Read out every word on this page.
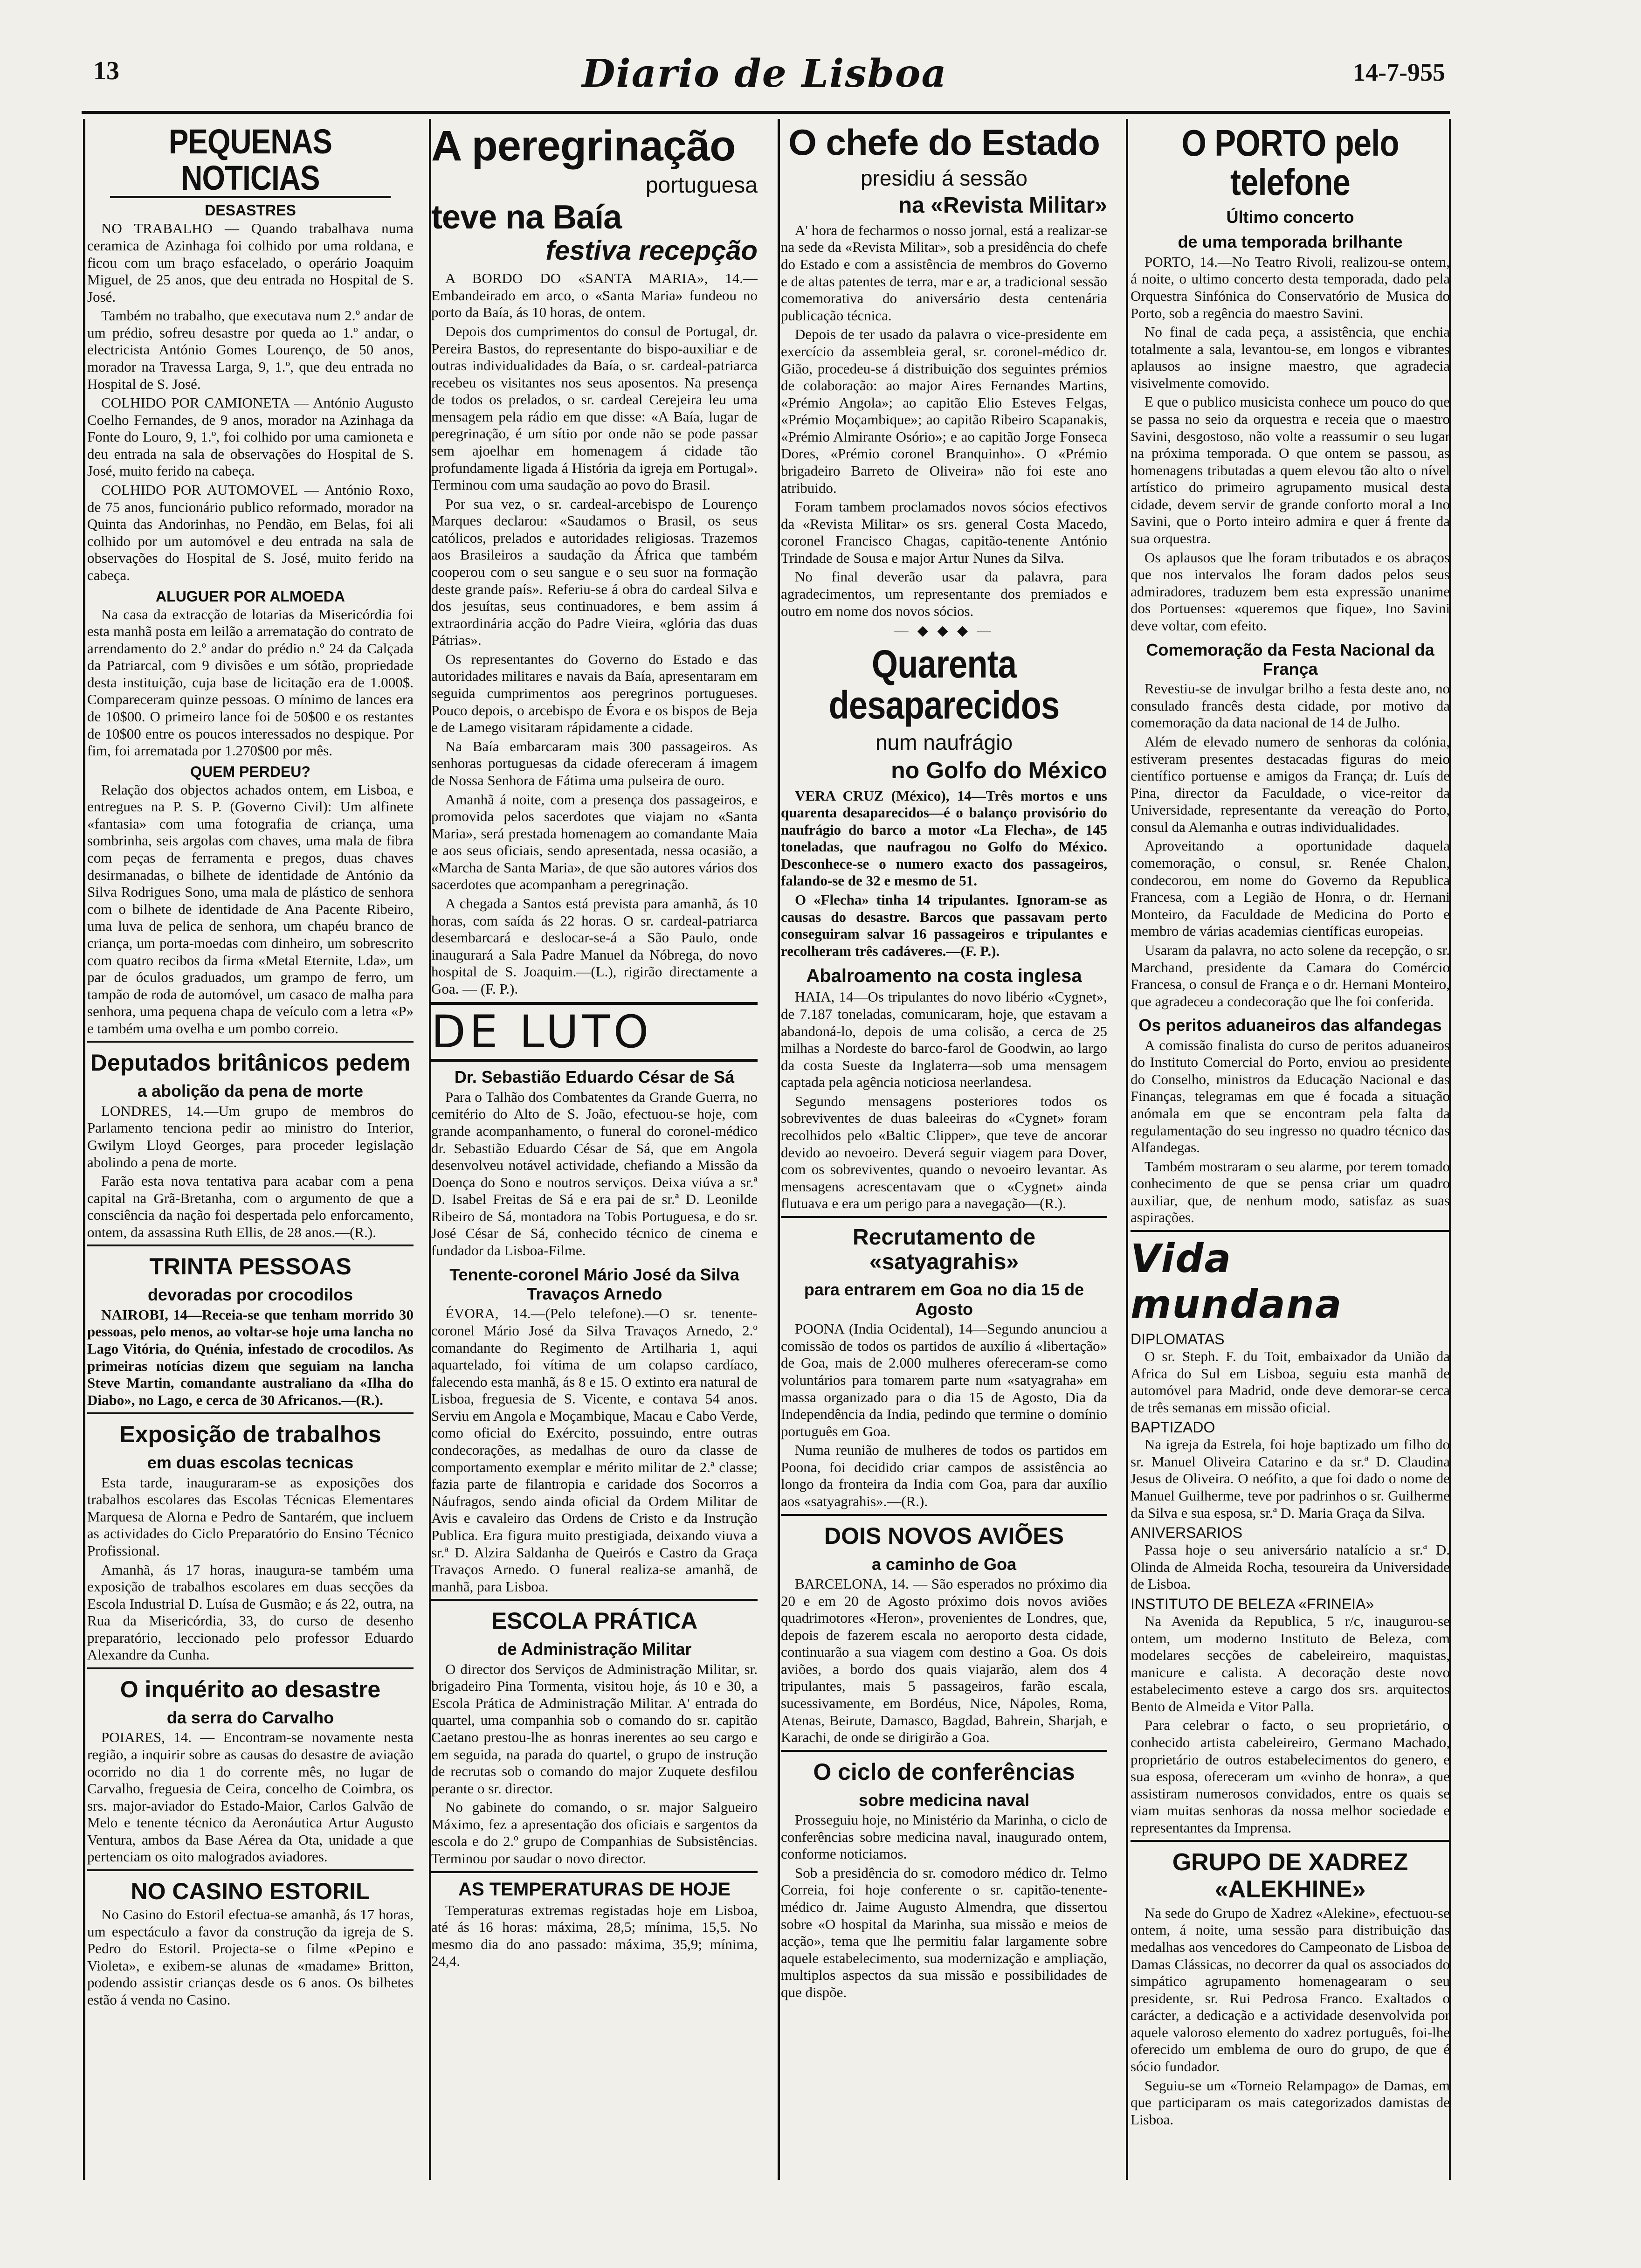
13	Diario de Lisboa	14-7-955
PEQUENAS NOTICIAS
DESASTRES

NO TRABALHO — Quando trabalhava numa ceramica de Azinhaga foi colhido por uma roldana, e ficou com um braço esfacelado, o operário Joaquim Miguel, de 25 anos, que deu entrada no Hospital de S. José.

Também no trabalho, que executava num 2.º andar de um prédio, sofreu desastre por queda ao 1.º andar, o electricista António Gomes Lourenço, de 50 anos, morador na Travessa Larga, 9, 1.º, que deu entrada no Hospital de S. José.

COLHIDO POR CAMIONETA — António Augusto Coelho Fernandes, de 9 anos, morador na Azinhaga da Fonte do Louro, 9, 1.º, foi colhido por uma camioneta e deu entrada na sala de observações do Hospital de S. José, muito ferido na cabeça.

COLHIDO POR AUTOMOVEL — António Roxo, de 75 anos, funcionário publico reformado, morador na Quinta das Andorinhas, no Pendão, em Belas, foi ali colhido por um automóvel e deu entrada na sala de observações do Hospital de S. José, muito ferido na cabeça.

ALUGUER POR ALMOEDA

Na casa da extracção de lotarias da Misericórdia foi esta manhã posta em leilão a arrematação do contrato de arrendamento do 2.º andar do prédio n.º 24 da Calçada da Patriarcal, com 9 divisões e um sótão, propriedade desta instituição, cuja base de licitação era de 1.000$. Compareceram quinze pessoas. O mínimo de lances era de 10$00. O primeiro lance foi de 50$00 e os restantes de 10$00 entre os poucos interessados no despique. Por fim, foi arrematada por 1.270$00 por mês.

QUEM PERDEU?

Relação dos objectos achados ontem, em Lisboa, e entregues na P. S. P. (Governo Civil): Um alfinete «fantasia» com uma fotografia de criança, uma sombrinha, seis argolas com chaves, uma mala de fibra com peças de ferramenta e pregos, duas chaves desirmanadas, o bilhete de identidade de António da Silva Rodrigues Sono, uma mala de plástico de senhora com o bilhete de identidade de Ana Pacente Ribeiro, uma luva de pelica de senhora, um chapéu branco de criança, um porta-moedas com dinheiro, um sobrescrito com quatro recibos da firma «Metal Eternite, Lda», um par de óculos graduados, um grampo de ferro, um tampão de roda de automóvel, um casaco de malha para senhora, uma pequena chapa de veículo com a letra «P» e também uma ovelha e um pombo correio.

Deputados britânicos pedem
a abolição da pena de morte

LONDRES, 14.—Um grupo de membros do Parlamento tenciona pedir ao ministro do Interior, Gwilym Lloyd Georges, para proceder legislação abolindo a pena de morte.

Farão esta nova tentativa para acabar com a pena capital na Grã-Bretanha, com o argumento de que a consciência da nação foi despertada pelo enforcamento, ontem, da assassina Ruth Ellis, de 28 anos.—(R.).

TRINTA PESSOAS
devoradas por crocodilos

NAIROBI, 14—Receia-se que tenham morrido 30 pessoas, pelo menos, ao voltar-se hoje uma lancha no Lago Vitória, do Quénia, infestado de crocodilos. As primeiras notícias dizem que seguiam na lancha Steve Martin, comandante australiano da «Ilha do Diabo», no Lago, e cerca de 30 Africanos.—(R.).

Exposição de trabalhos
em duas escolas tecnicas

Esta tarde, inauguraram-se as exposições dos trabalhos escolares das Escolas Técnicas Elementares Marquesa de Alorna e Pedro de Santarém, que incluem as actividades do Ciclo Preparatório do Ensino Técnico Profissional.

Amanhã, ás 17 horas, inaugura-se também uma exposição de trabalhos escolares em duas secções da Escola Industrial D. Luísa de Gusmão; e ás 22, outra, na Rua da Misericórdia, 33, do curso de desenho preparatório, leccionado pelo professor Eduardo Alexandre da Cunha.

O inquérito ao desastre
da serra do Carvalho

POIARES, 14. — Encontram-se novamente nesta região, a inquirir sobre as causas do desastre de aviação ocorrido no dia 1 do corrente mês, no lugar de Carvalho, freguesia de Ceira, concelho de Coimbra, os srs. major-aviador do Estado-Maior, Carlos Galvão de Melo e tenente técnico da Aeronáutica Artur Augusto Ventura, ambos da Base Aérea da Ota, unidade a que pertenciam os oito malogrados aviadores.

NO CASINO ESTORIL

No Casino do Estoril efectua-se amanhã, ás 17 horas, um espectáculo a favor da construção da igreja de S. Pedro do Estoril. Projecta-se o filme «Pepino e Violeta», e exibem-se alunas de «madame» Britton, podendo assistir crianças desde os 6 anos. Os bilhetes estão á venda no Casino.

A peregrinação
portuguesa
teve na Baía
festiva recepção

A BORDO DO «SANTA MARIA», 14.—Embandeirado em arco, o «Santa Maria» fundeou no porto da Baía, ás 10 horas, de ontem.

Depois dos cumprimentos do consul de Portugal, dr. Pereira Bastos, do representante do bispo-auxiliar e de outras individualidades da Baía, o sr. cardeal-patriarca recebeu os visitantes nos seus aposentos. Na presença de todos os prelados, o sr. cardeal Cerejeira leu uma mensagem pela rádio em que disse: «A Baía, lugar de peregrinação, é um sítio por onde não se pode passar sem ajoelhar em homenagem á cidade tão profundamente ligada á História da igreja em Portugal». Terminou com uma saudação ao povo do Brasil.

Por sua vez, o sr. cardeal-arcebispo de Lourenço Marques declarou: «Saudamos o Brasil, os seus católicos, prelados e autoridades religiosas. Trazemos aos Brasileiros a saudação da África que também cooperou com o seu sangue e o seu suor na formação deste grande país». Referiu-se á obra do cardeal Silva e dos jesuítas, seus continuadores, e bem assim á extraordinária acção do Padre Vieira, «glória das duas Pátrias».

Os representantes do Governo do Estado e das autoridades militares e navais da Baía, apresentaram em seguida cumprimentos aos peregrinos portugueses. Pouco depois, o arcebispo de Évora e os bispos de Beja e de Lamego visitaram rápidamente a cidade.

Na Baía embarcaram mais 300 passageiros. As senhoras portuguesas da cidade ofereceram á imagem de Nossa Senhora de Fátima uma pulseira de ouro.

Amanhã á noite, com a presença dos passageiros, e promovida pelos sacerdotes que viajam no «Santa Maria», será prestada homenagem ao comandante Maia e aos seus oficiais, sendo apresentada, nessa ocasião, a «Marcha de Santa Maria», de que são autores vários dos sacerdotes que acompanham a peregrinação.

A chegada a Santos está prevista para amanhã, ás 10 horas, com saída ás 22 horas. O sr. cardeal-patriarca desembarcará e deslocar-se-á a São Paulo, onde inaugurará a Sala Padre Manuel da Nóbrega, do novo hospital de S. Joaquim.—(L.), rigirão directamente a Goa. — (F. P.).

DE LUTO
Dr. Sebastião Eduardo César de Sá

Para o Talhão dos Combatentes da Grande Guerra, no cemitério do Alto de S. João, efectuou-se hoje, com grande acompanhamento, o funeral do coronel-médico dr. Sebastião Eduardo César de Sá, que em Angola desenvolveu notável actividade, chefiando a Missão da Doença do Sono e noutros serviços. Deixa viúva a sr.ª D. Isabel Freitas de Sá e era pai de sr.ª D. Leonilde Ribeiro de Sá, montadora na Tobis Portuguesa, e do sr. José César de Sá, conhecido técnico de cinema e fundador da Lisboa-Filme.

Tenente-coronel Mário José da Silva Travaços Arnedo

ÉVORA, 14.—(Pelo telefone).—O sr. tenente-coronel Mário José da Silva Travaços Arnedo, 2.º comandante do Regimento de Artilharia 1, aqui aquartelado, foi vítima de um colapso cardíaco, falecendo esta manhã, ás 8 e 15. O extinto era natural de Lisboa, freguesia de S. Vicente, e contava 54 anos. Serviu em Angola e Moçambique, Macau e Cabo Verde, como oficial do Exército, possuindo, entre outras condecorações, as medalhas de ouro da classe de comportamento exemplar e mérito militar de 2.ª classe; fazia parte de filantropia e caridade dos Socorros a Náufragos, sendo ainda oficial da Ordem Militar de Avis e cavaleiro das Ordens de Cristo e da Instrução Publica. Era figura muito prestigiada, deixando viuva a sr.ª D. Alzira Saldanha de Queirós e Castro da Graça Travaços Arnedo. O funeral realiza-se amanhã, de manhã, para Lisboa.

ESCOLA PRÁTICA
de Administração Militar

O director dos Serviços de Administração Militar, sr. brigadeiro Pina Tormenta, visitou hoje, ás 10 e 30, a Escola Prática de Administração Militar. A' entrada do quartel, uma companhia sob o comando do sr. capitão Caetano prestou-lhe as honras inerentes ao seu cargo e em seguida, na parada do quartel, o grupo de instrução de recrutas sob o comando do major Zuquete desfilou perante o sr. director.

No gabinete do comando, o sr. major Salgueiro Máximo, fez a apresentação dos oficiais e sargentos da escola e do 2.º grupo de Companhias de Subsistências. Terminou por saudar o novo director.

AS TEMPERATURAS DE HOJE

Temperaturas extremas registadas hoje em Lisboa, até ás 16 horas: máxima, 28,5; mínima, 15,5. No mesmo dia do ano passado: máxima, 35,9; mínima, 24,4.

O chefe do Estado
presidiu á sessão
na «Revista Militar»

A' hora de fecharmos o nosso jornal, está a realizar-se na sede da «Revista Militar», sob a presidência do chefe do Estado e com a assistência de membros do Governo e de altas patentes de terra, mar e ar, a tradicional sessão comemorativa do aniversário desta centenária publicação técnica.

Depois de ter usado da palavra o vice-presidente em exercício da assembleia geral, sr. coronel-médico dr. Gião, procedeu-se á distribuição dos seguintes prémios de colaboração: ao major Aires Fernandes Martins, «Prémio Angola»; ao capitão Elio Esteves Felgas, «Prémio Moçambique»; ao capitão Ribeiro Scapanakis, «Prémio Almirante Osório»; e ao capitão Jorge Fonseca Dores, «Prémio coronel Branquinho». O «Prémio brigadeiro Barreto de Oliveira» não foi este ano atribuido.

Foram tambem proclamados novos sócios efectivos da «Revista Militar» os srs. general Costa Macedo, coronel Francisco Chagas, capitão-tenente António Trindade de Sousa e major Artur Nunes da Silva.

No final deverão usar da palavra, para agradecimentos, um representante dos premiados e outro em nome dos novos sócios.

— ◆ ◆ ◆ —
Quarenta desaparecidos
num naufrágio
no Golfo do México

VERA CRUZ (México), 14—Três mortos e uns quarenta desaparecidos—é o balanço provisório do naufrágio do barco a motor «La Flecha», de 145 toneladas, que naufragou no Golfo do México. Desconhece-se o numero exacto dos passageiros, falando-se de 32 e mesmo de 51.

O «Flecha» tinha 14 tripulantes. Ignoram-se as causas do desastre. Barcos que passavam perto conseguiram salvar 16 passageiros e tripulantes e recolheram três cadáveres.—(F. P.).

Abalroamento na costa inglesa

HAIA, 14—Os tripulantes do novo libério «Cygnet», de 7.187 toneladas, comunicaram, hoje, que estavam a abandoná-lo, depois de uma colisão, a cerca de 25 milhas a Nordeste do barco-farol de Goodwin, ao largo da costa Sueste da Inglaterra—sob uma mensagem captada pela agência noticiosa neerlandesa.

Segundo mensagens posteriores todos os sobreviventes de duas baleeiras do «Cygnet» foram recolhidos pelo «Baltic Clipper», que teve de ancorar devido ao nevoeiro. Deverá seguir viagem para Dover, com os sobreviventes, quando o nevoeiro levantar. As mensagens acrescentavam que o «Cygnet» ainda flutuava e era um perigo para a navegação—(R.).

Recrutamento de «satyagrahis»
para entrarem em Goa no dia 15 de Agosto

POONA (India Ocidental), 14—Segundo anunciou a comissão de todos os partidos de auxílio á «libertação» de Goa, mais de 2.000 mulheres ofereceram-se como voluntários para tomarem parte num «satyagraha» em massa organizado para o dia 15 de Agosto, Dia da Independência da India, pedindo que termine o domínio português em Goa.

Numa reunião de mulheres de todos os partidos em Poona, foi decidido criar campos de assistência ao longo da fronteira da India com Goa, para dar auxílio aos «satyagrahis».—(R.).

DOIS NOVOS AVIÕES
a caminho de Goa

BARCELONA, 14. — São esperados no próximo dia 20 e em 20 de Agosto próximo dois novos aviões quadrimotores «Heron», provenientes de Londres, que, depois de fazerem escala no aeroporto desta cidade, continuarão a sua viagem com destino a Goa. Os dois aviões, a bordo dos quais viajarão, alem dos 4 tripulantes, mais 5 passageiros, farão escala, sucessivamente, em Bordéus, Nice, Nápoles, Roma, Atenas, Beirute, Damasco, Bagdad, Bahrein, Sharjah, e Karachi, de onde se dirigirão a Goa.

O ciclo de conferências
sobre medicina naval

Prosseguiu hoje, no Ministério da Marinha, o ciclo de conferências sobre medicina naval, inaugurado ontem, conforme noticiamos.

Sob a presidência do sr. comodoro médico dr. Telmo Correia, foi hoje conferente o sr. capitão-tenente-médico dr. Jaime Augusto Almendra, que dissertou sobre «O hospital da Marinha, sua missão e meios de acção», tema que lhe permitiu falar largamente sobre aquele estabelecimento, sua modernização e ampliação, multiplos aspectos da sua missão e possibilidades de que dispõe.

O PORTO pelo telefone
Último concerto
de uma temporada brilhante

PORTO, 14.—No Teatro Rivoli, realizou-se ontem, á noite, o ultimo concerto desta temporada, dado pela Orquestra Sinfónica do Conservatório de Musica do Porto, sob a regência do maestro Savini.

No final de cada peça, a assistência, que enchia totalmente a sala, levantou-se, em longos e vibrantes aplausos ao insigne maestro, que agradecia visivelmente comovido.

E que o publico musicista conhece um pouco do que se passa no seio da orquestra e receia que o maestro Savini, desgostoso, não volte a reassumir o seu lugar na próxima temporada. O que ontem se passou, as homenagens tributadas a quem elevou tão alto o nível artístico do primeiro agrupamento musical desta cidade, devem servir de grande conforto moral a Ino Savini, que o Porto inteiro admira e quer á frente da sua orquestra.

Os aplausos que lhe foram tributados e os abraços que nos intervalos lhe foram dados pelos seus admiradores, traduzem bem esta expressão unanime dos Portuenses: «queremos que fique», Ino Savini deve voltar, com efeito.

Comemoração da Festa Nacional da França

Revestiu-se de invulgar brilho a festa deste ano, no consulado francês desta cidade, por motivo da comemoração da data nacional de 14 de Julho.

Além de elevado numero de senhoras da colónia, estiveram presentes destacadas figuras do meio científico portuense e amigos da França; dr. Luís de Pina, director da Faculdade, o vice-reitor da Universidade, representante da vereação do Porto, consul da Alemanha e outras individualidades.

Aproveitando a oportunidade daquela comemoração, o consul, sr. Renée Chalon, condecorou, em nome do Governo da Republica Francesa, com a Legião de Honra, o dr. Hernani Monteiro, da Faculdade de Medicina do Porto e membro de várias academias científicas europeias.

Usaram da palavra, no acto solene da recepção, o sr. Marchand, presidente da Camara do Comércio Francesa, o consul de França e o dr. Hernani Monteiro, que agradeceu a condecoração que lhe foi conferida.

Os peritos aduaneiros das alfandegas

A comissão finalista do curso de peritos aduaneiros do Instituto Comercial do Porto, enviou ao presidente do Conselho, ministros da Educação Nacional e das Finanças, telegramas em que é focada a situação anómala em que se encontram pela falta da regulamentação do seu ingresso no quadro técnico das Alfandegas.

Também mostraram o seu alarme, por terem tomado conhecimento de que se pensa criar um quadro auxiliar, que, de nenhum modo, satisfaz as suas aspirações.

Vida mundana
DIPLOMATAS

O sr. Steph. F. du Toit, embaixador da União da Africa do Sul em Lisboa, seguiu esta manhã de automóvel para Madrid, onde deve demorar-se cerca de três semanas em missão oficial.

BAPTIZADO

Na igreja da Estrela, foi hoje baptizado um filho do sr. Manuel Oliveira Catarino e da sr.ª D. Claudina Jesus de Oliveira. O neófito, a que foi dado o nome de Manuel Guilherme, teve por padrinhos o sr. Guilherme da Silva e sua esposa, sr.ª D. Maria Graça da Silva.

ANIVERSARIOS

Passa hoje o seu aniversário natalício a sr.ª D. Olinda de Almeida Rocha, tesoureira da Universidade de Lisboa.

INSTITUTO DE BELEZA «FRINEIA»

Na Avenida da Republica, 5 r/c, inaugurou-se ontem, um moderno Instituto de Beleza, com modelares secções de cabeleireiro, maquistas, manicure e calista. A decoração deste novo estabelecimento esteve a cargo dos srs. arquitectos Bento de Almeida e Vitor Palla.

Para celebrar o facto, o seu proprietário, o conhecido artista cabeleireiro, Germano Machado, proprietário de outros estabelecimentos do genero, e sua esposa, ofereceram um «vinho de honra», a que assistiram numerosos convidados, entre os quais se viam muitas senhoras da nossa melhor sociedade e representantes da Imprensa.

GRUPO DE XADREZ «ALEKHINE»

Na sede do Grupo de Xadrez «Alekine», efectuou-se ontem, á noite, uma sessão para distribuição das medalhas aos vencedores do Campeonato de Lisboa de Damas Clássicas, no decorrer da qual os associados do simpático agrupamento homenagearam o seu presidente, sr. Rui Pedrosa Franco. Exaltados o carácter, a dedicação e a actividade desenvolvida por aquele valoroso elemento do xadrez português, foi-lhe oferecido um emblema de ouro do grupo, de que é sócio fundador.

Seguiu-se um «Torneio Relampago» de Damas, em que participaram os mais categorizados damistas de Lisboa.
